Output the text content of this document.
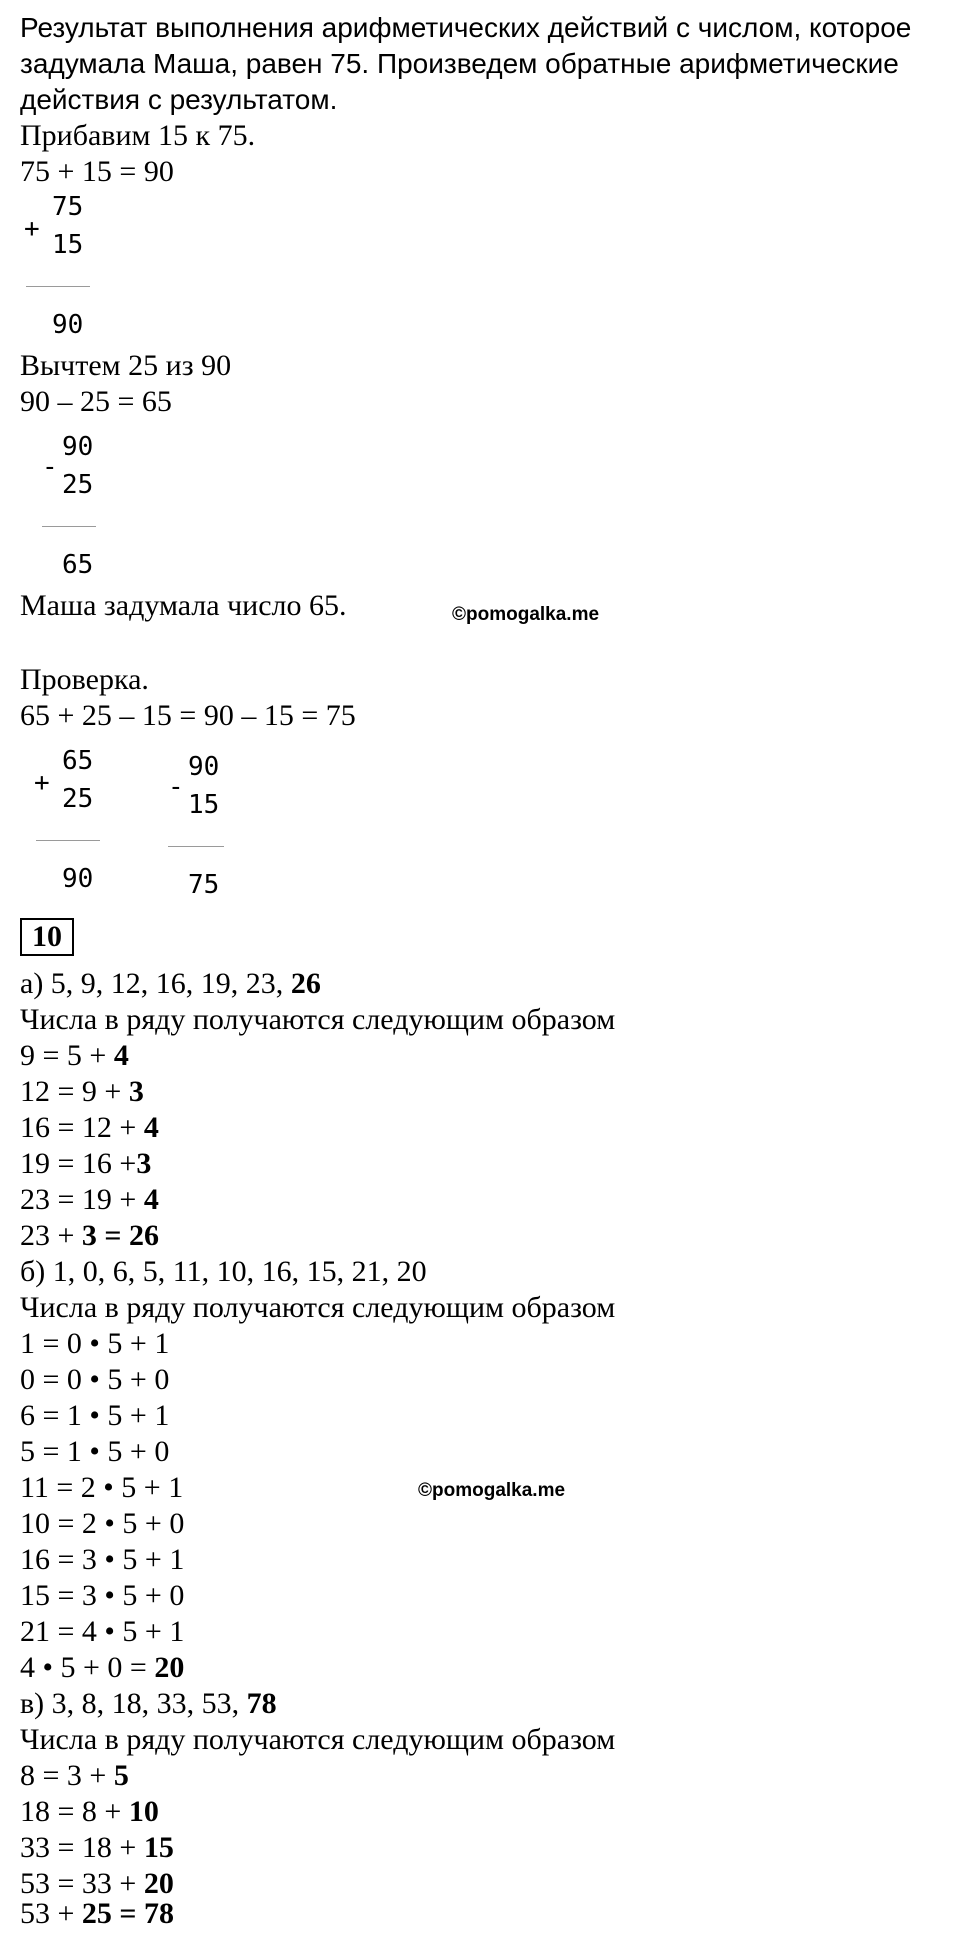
Результат выполнения арифметических действий с числом, которое
задумала Маша, равен 75. Произведем обратные арифметические
действия с результатом.
Прибавим 15 к 75.
75 + 15 = 90
+
75
15
90
Вычтем 25 из 90
90 – 25 = 65
-
90
25
65
Маша задумала число 65.	©pomogalka.me
Проверка.
65 + 25 – 15 = 90 – 15 = 75
+
65
25
90
-
90
15
75
10
а) 5, 9, 12, 16, 19, 23, 26
Числа в ряду получаются следующим образом
9 = 5 + 4
12 = 9 + 3
16 = 12 + 4
19 = 16 +3
23 = 19 + 4
23 + 3 = 26
б) 1, 0, 6, 5, 11, 10, 16, 15, 21, 20
Числа в ряду получаются следующим образом
1 = 0 • 5 + 1
0 = 0 • 5 + 0
6 = 1 • 5 + 1
5 = 1 • 5 + 0
11 = 2 • 5 + 1	©pomogalka.me
10 = 2 • 5 + 0
16 = 3 • 5 + 1
15 = 3 • 5 + 0
21 = 4 • 5 + 1
4 • 5 + 0 = 20
в) 3, 8, 18, 33, 53, 78
Числа в ряду получаются следующим образом
8 = 3 + 5
18 = 8 + 10
33 = 18 + 15
53 = 33 + 20
53 + 25 = 78
